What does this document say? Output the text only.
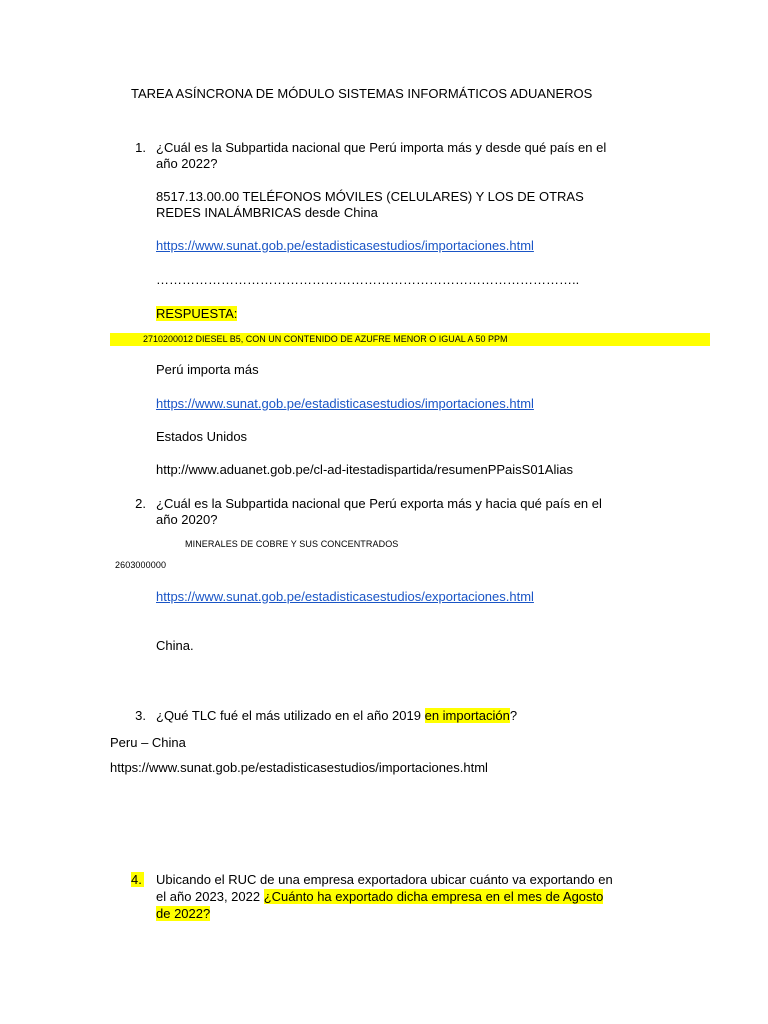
TAREA ASÍNCRONA DE MÓDULO SISTEMAS INFORMÁTICOS ADUANEROS
1. ¿Cuál es la Subpartida nacional que Perú importa más y desde qué país en el
año 2022?
8517.13.00.00 TELÉFONOS MÓVILES (CELULARES) Y LOS DE OTRAS
REDES INALÁMBRICAS desde China
https://www.sunat.gob.pe/estadisticasestudios/importaciones.html
……………………………………………………………………………………..
RESPUESTA:
2710200012 DIESEL B5, CON UN CONTENIDO DE AZUFRE MENOR O IGUAL A 50 PPM
Perú importa más
https://www.sunat.gob.pe/estadisticasestudios/importaciones.html
Estados Unidos
http://www.aduanet.gob.pe/cl-ad-itestadispartida/resumenPPaisS01Alias
2. ¿Cuál es la Subpartida nacional que Perú exporta más y hacia qué país en el
año 2020?
MINERALES DE COBRE Y SUS CONCENTRADOS
2603000000
https://www.sunat.gob.pe/estadisticasestudios/exportaciones.html
China.
3. ¿Qué TLC fué el más utilizado en el año 2019 en importación?
Peru – China
https://www.sunat.gob.pe/estadisticasestudios/importaciones.html
4. Ubicando el RUC de una empresa exportadora ubicar cuánto va exportando en
el año 2023, 2022 ¿Cuánto ha exportado dicha empresa en el mes de Agosto
de 2022?
